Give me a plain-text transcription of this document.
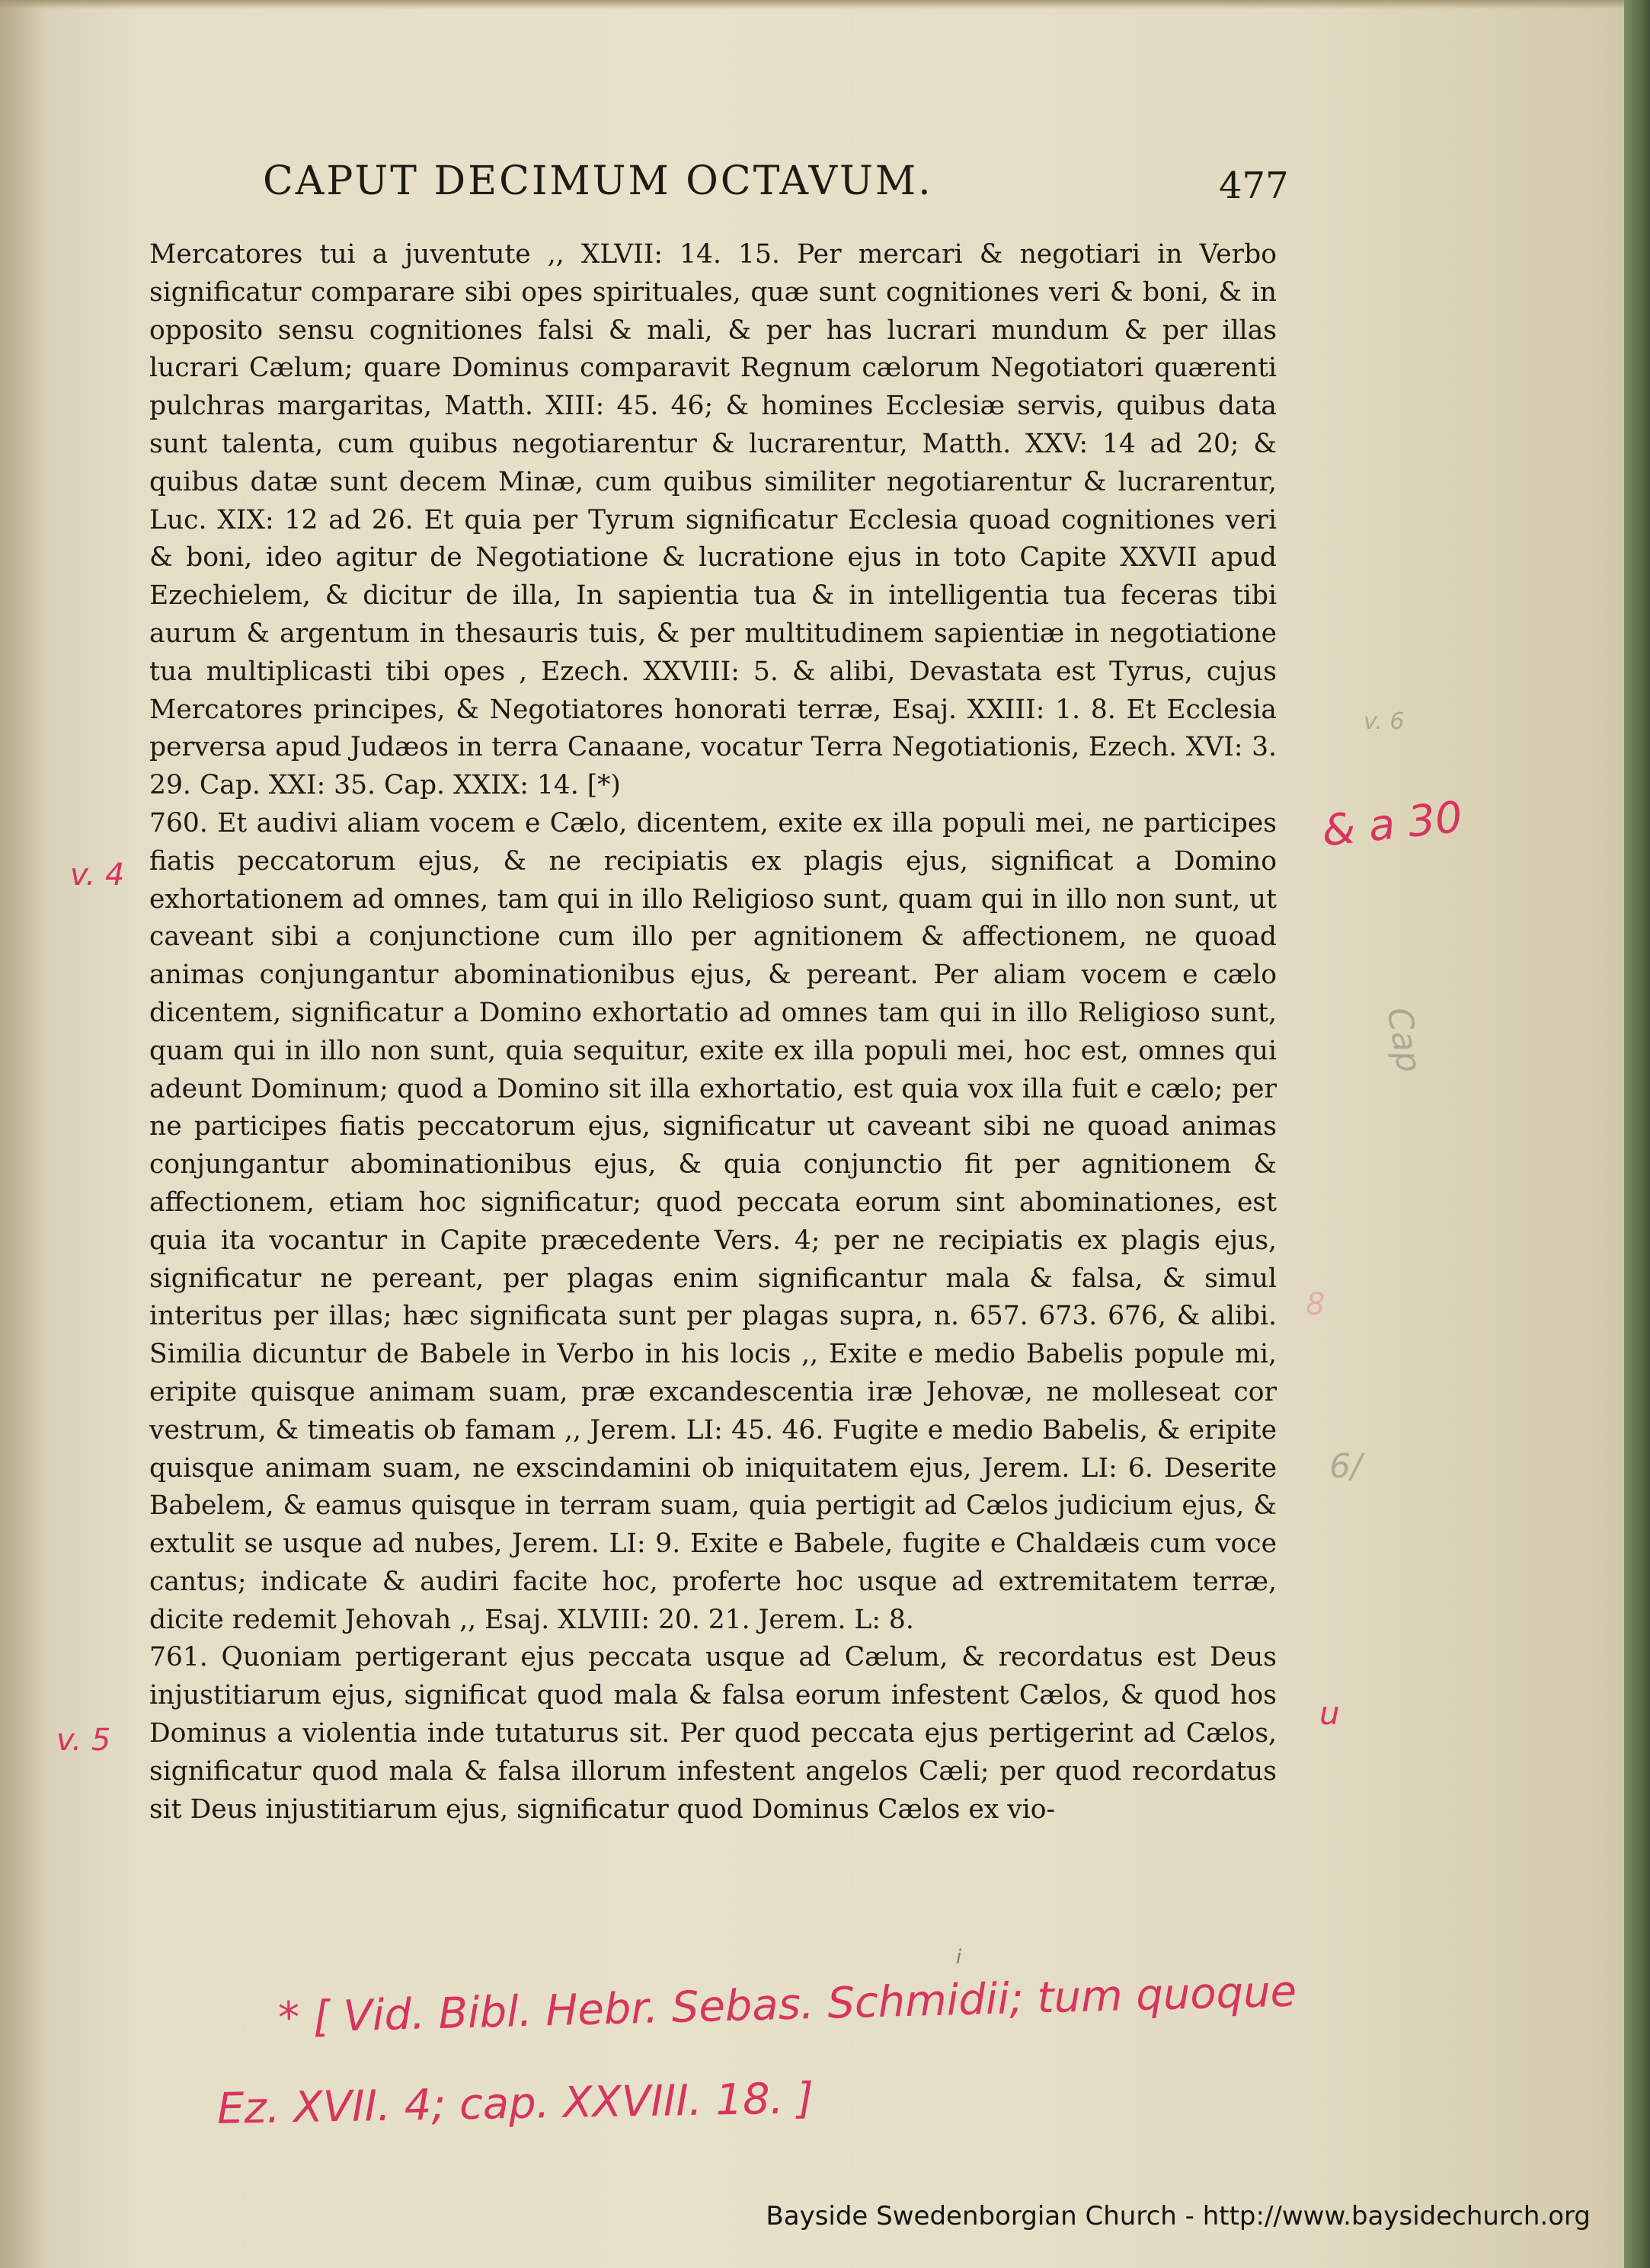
CAPUT DECIMUM OCTAVUM.	477

Mercatores tui a juventute ,, XLVII: 14. 15. Per mercari & negotiari in Verbo significatur comparare sibi opes spirituales, quæ sunt cognitiones veri & boni, & in opposito sensu cognitiones falsi & mali, & per has lucrari mundum & per illas lucrari Cælum; quare Dominus comparavit Regnum cælorum Negotiatori quærenti pulchras margaritas, Matth. XIII: 45. 46; & homines Ecclesiæ servis, quibus data sunt talenta, cum quibus negotiarentur & lucrarentur, Matth. XXV: 14 ad 20; & quibus datæ sunt decem Minæ, cum quibus similiter negotiarentur & lucrarentur, Luc. XIX: 12 ad 26. Et quia per Tyrum significatur Ecclesia quoad cognitiones veri & boni, ideo agitur de Negotiatione & lucratione ejus in toto Capite XXVII apud Ezechielem, & dicitur de illa, In sapientia tua & in intelligentia tua feceras tibi aurum & argentum in thesauris tuis, & per multitudinem sapientiæ in negotiatione tua multiplicasti tibi opes , Ezech. XXVIII: 5. & alibi, Devastata est Tyrus, cujus Mercatores principes, & Negotiatores honorati terræ, Esaj. XXIII: 1. 8. Et Ecclesia perversa apud Judæos in terra Canaane, vocatur Terra Negotiationis, Ezech. XVI: 3. 29. Cap. XXI: 35. Cap. XXIX: 14. [*)

760. Et audivi aliam vocem e Cælo, dicentem, exite ex illa populi mei, ne participes fiatis peccatorum ejus, & ne recipiatis ex plagis ejus, significat a Domino exhortationem ad omnes, tam qui in illo Religioso sunt, quam qui in illo non sunt, ut caveant sibi a conjunctione cum illo per agnitionem & affectionem, ne quoad animas conjungantur abominationibus ejus, & pereant. Per aliam vocem e cælo dicentem, significatur a Domino exhortatio ad omnes tam qui in illo Religioso sunt, quam qui in illo non sunt, quia sequitur, exite ex illa populi mei, hoc est, omnes qui adeunt Dominum; quod a Domino sit illa exhortatio, est quia vox illa fuit e cælo; per ne participes fiatis peccatorum ejus, significatur ut caveant sibi ne quoad animas conjungantur abominationibus ejus, & quia conjunctio fit per agnitionem & affectionem, etiam hoc significatur; quod peccata eorum sint abominationes, est quia ita vocantur in Capite præcedente Vers. 4; per ne recipiatis ex plagis ejus, significatur ne pereant, per plagas enim significantur mala & falsa, & simul interitus per illas; hæc significata sunt per plagas supra, n. 657. 673. 676, & alibi. Similia dicuntur de Babele in Verbo in his locis ,, Exite e medio Babelis popule mi, eripite quisque animam suam, præ excandescentia iræ Jehovæ, ne molleseat cor vestrum, & timeatis ob famam ,, Jerem. LI: 45. 46. Fugite e medio Babelis, & eripite quisque animam suam, ne exscindamini ob iniquitatem ejus, Jerem. LI: 6. Deserite Babelem, & eamus quisque in terram suam, quia pertigit ad Cælos judicium ejus, & extulit se usque ad nubes, Jerem. LI: 9. Exite e Babele, fugite e Chaldæis cum voce cantus; indicate & audiri facite hoc, proferte hoc usque ad extremitatem terræ, dicite redemit Jehovah ,, Esaj. XLVIII: 20. 21. Jerem. L: 8.

761. Quoniam pertigerant ejus peccata usque ad Cælum, & recordatus est Deus injustitiarum ejus, significat quod mala & falsa eorum infestent Cælos, & quod hos Dominus a violentia inde tutaturus sit. Per quod peccata ejus pertigerint ad Cælos, significatur quod mala & falsa illorum infestent angelos Cæli; per quod recordatus sit Deus injustitiarum ejus, significatur quod Dominus Cælos ex vio-

v. 4
v. 5
& a 30
v. 6
Cap
8
6/
u
i
* [ Vid. Bibl. Hebr. Sebas. Schmidii; tum quoque
Ez. XVII. 4; cap. XXVIII. 18. ]
Bayside Swedenborgian Church - http://www.baysidechurch.org
